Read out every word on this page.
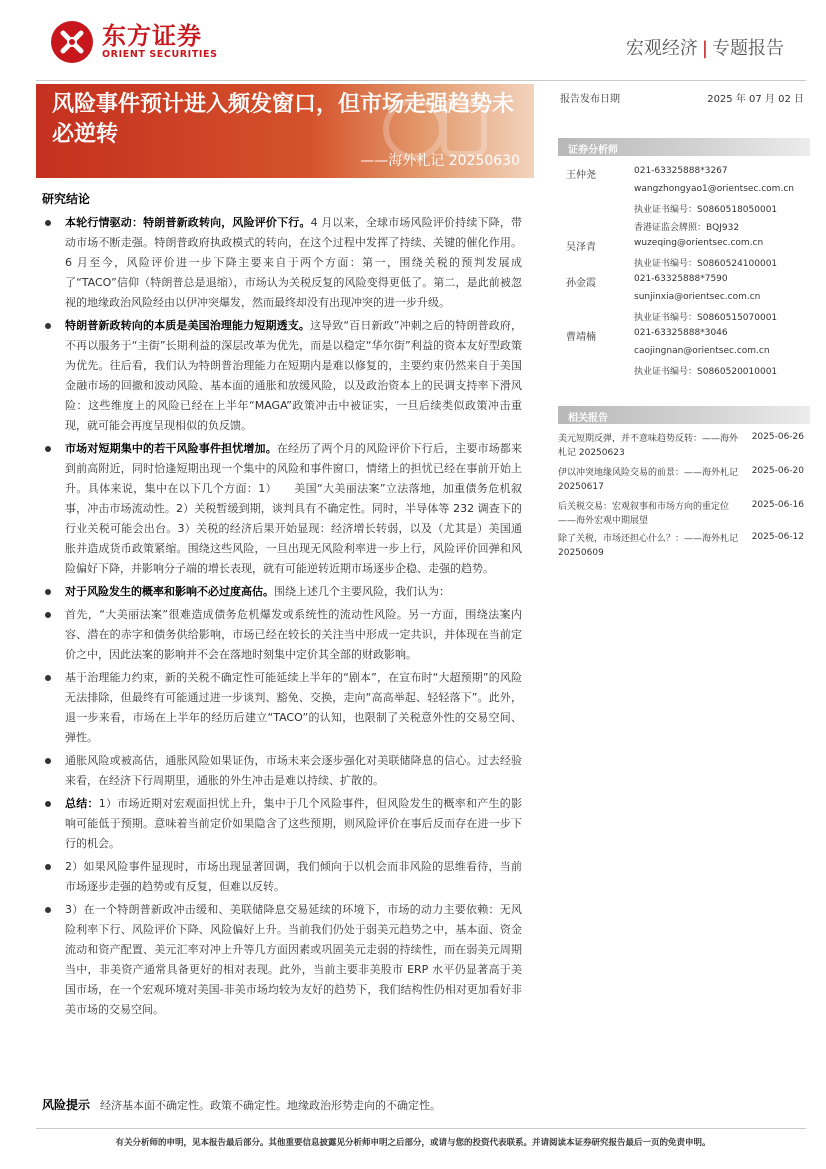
东方证券
ORIENT SECURITIES	宏观经济 | 专题报告
风险事件预计进入频发窗口，但市场走强趋势未必逆转
——海外札记 20250630
报告发布日期	2025 年 07 月 02 日
证券分析师
王仲尧	021-63325888*3267
wangzhongyao1@orientsec.com.cn
执业证书编号：S0860518050001
香港证监会牌照：BQJ932
吴泽青	wuzeqing@orientsec.com.cn
执业证书编号：S0860524100001
孙金霞	021-63325888*7590
sunjinxia@orientsec.com.cn
执业证书编号：S0860515070001
曹靖楠	021-63325888*3046
caojingnan@orientsec.com.cn
执业证书编号：S0860520010001
相关报告
美元短期反弹，并不意味趋势反转：——海外札记 20250623
2025-06-26
伊以冲突地缘风险交易的前景：——海外札记 20250617
2025-06-20
后关税交易：宏观叙事和市场方向的重定位 ——海外宏观中期展望
2025-06-16
除了关税，市场还担心什么？：——海外札记 20250609
2025-06-12
研究结论
本轮行情驱动：特朗普新政转向，风险评价下行。4 月以来，全球市场风险评价持续下降，带动市场不断走强。特朗普政府执政模式的转向，在这个过程中发挥了持续、关键的催化作用。6 月至今，风险评价进一步下降主要来自于两个方面：第一，围绕关税的预判发展成了“TACO”信仰（特朗普总是退缩），市场认为关税反复的风险变得更低了。第二，是此前被忽视的地缘政治风险经由以伊冲突爆发，然而最终却没有出现冲突的进一步升级。
特朗普新政转向的本质是美国治理能力短期透支。这导致“百日新政”冲刺之后的特朗普政府，不再以服务于“主街”长期利益的深层改革为优先，而是以稳定“华尔街”利益的资本友好型政策为优先。往后看，我们认为特朗普治理能力在短期内是难以修复的，主要约束仍然来自于美国金融市场的回撤和波动风险、基本面的通胀和放缓风险，以及政治资本上的民调支持率下滑风险：这些维度上的风险已经在上半年“MAGA”政策冲击中被证实，一旦后续类似政策冲击重现，就可能会再度呈现相似的负反馈。
市场对短期集中的若干风险事件担忧增加。在经历了两个月的风险评价下行后，主要市场都来到前高附近，同时恰逢短期出现一个集中的风险和事件窗口，情绪上的担忧已经在事前开始上升。具体来说，集中在以下几个方面：1）　　美国“大美丽法案”立法落地，加重债务危机叙事，冲击市场流动性。2）关税暂缓到期，谈判具有不确定性。同时，半导体等 232 调查下的行业关税可能会出台。3）关税的经济后果开始显现：经济增长转弱，以及（尤其是）美国通胀并造成货币政策紧缩。围绕这些风险，一旦出现无风险利率进一步上行，风险评价回弹和风险偏好下降，并影响分子端的增长表现，就有可能逆转近期市场逐步企稳、走强的趋势。
对于风险发生的概率和影响不必过度高估。围绕上述几个主要风险，我们认为：
首先，“大美丽法案”很难造成债务危机爆发或系统性的流动性风险。另一方面，围绕法案内容、潜在的赤字和债务供给影响，市场已经在较长的关注当中形成一定共识，并体现在当前定价之中，因此法案的影响并不会在落地时刻集中定价其全部的财政影响。
基于治理能力约束，新的关税不确定性可能延续上半年的“剧本”，在宣布时“大超预期”的风险无法排除，但最终有可能通过进一步谈判、豁免、交换，走向“高高举起、轻轻落下”。此外，退一步来看，市场在上半年的经历后建立“TACO”的认知，也限制了关税意外性的交易空间、弹性。
通胀风险或被高估，通胀风险如果证伪，市场未来会逐步强化对美联储降息的信心。过去经验来看，在经济下行周期里，通胀的外生冲击是难以持续、扩散的。
总结：1）市场近期对宏观面担忧上升，集中于几个风险事件，但风险发生的概率和产生的影响可能低于预期。意味着当前定价如果隐含了这些预期，则风险评价在事后反而存在进一步下行的机会。
2）如果风险事件显现时，市场出现显著回调，我们倾向于以机会而非风险的思维看待，当前市场逐步走强的趋势或有反复，但难以反转。
3）在一个特朗普新政冲击缓和、美联储降息交易延续的环境下，市场的动力主要依赖：无风险利率下行、风险评价下降、风险偏好上升。当前我们仍处于弱美元趋势之中，基本面、资金流动和资产配置、美元汇率对冲上升等几方面因素或巩固美元走弱的持续性，而在弱美元周期当中，非美资产通常具备更好的相对表现。此外，当前主要非美股市 ERP 水平仍显著高于美国市场，在一个宏观环境对美国-非美市场均较为友好的趋势下，我们结构性仍相对更加看好非美市场的交易空间。
风险提示 经济基本面不确定性。政策不确定性。地缘政治形势走向的不确定性。
有关分析师的申明，见本报告最后部分。其他重要信息披露见分析师申明之后部分，或请与您的投资代表联系。并请阅读本证券研究报告最后一页的免责申明。
